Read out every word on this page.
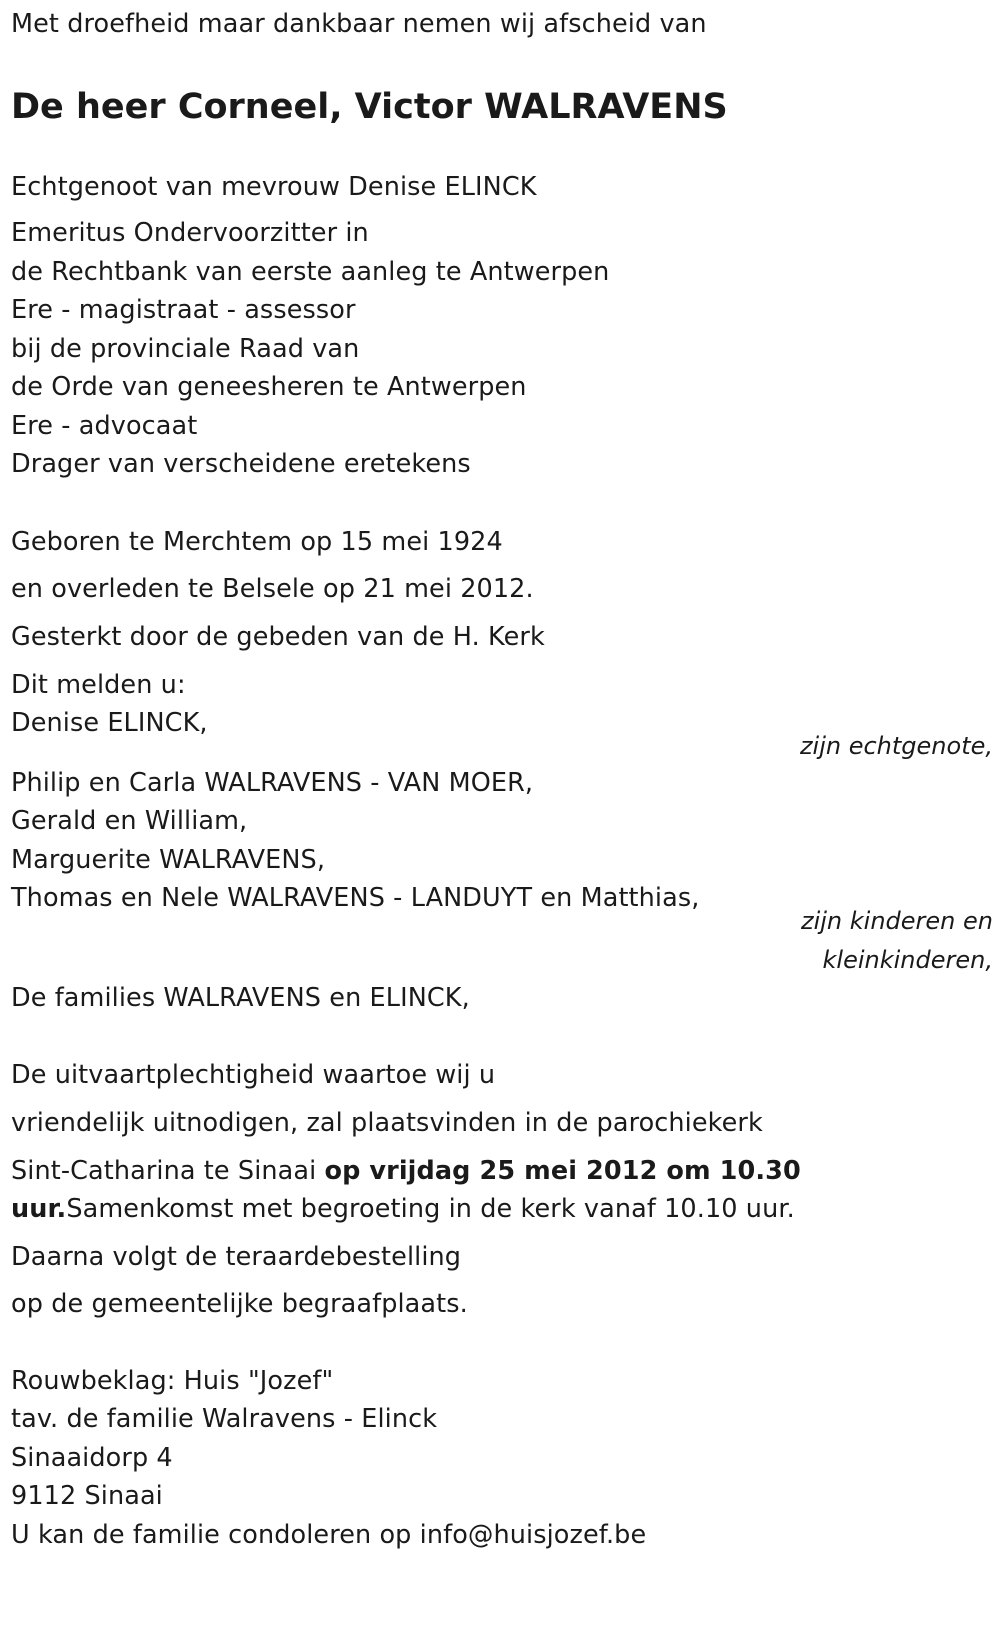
Met droefheid maar dankbaar nemen wij afscheid van
De heer Corneel, Victor WALRAVENS
Echtgenoot van mevrouw Denise ELINCK
Emeritus Ondervoorzitter in
de Rechtbank van eerste aanleg te Antwerpen
Ere - magistraat - assessor
bij de provinciale Raad van
de Orde van geneesheren te Antwerpen
Ere - advocaat
Drager van verscheidene eretekens
Geboren te Merchtem op 15 mei 1924
en overleden te Belsele op 21 mei 2012.
Gesterkt door de gebeden van de H. Kerk
Dit melden u:
Denise ELINCK,
zijn echtgenote,
Philip en Carla WALRAVENS - VAN MOER,
Gerald en William,
Marguerite WALRAVENS,
Thomas en Nele WALRAVENS - LANDUYT en Matthias,
zijn kinderen en
kleinkinderen,
De families WALRAVENS en ELINCK,
De uitvaartplechtigheid waartoe wij u
vriendelijk uitnodigen, zal plaatsvinden in de parochiekerk
Sint-Catharina te Sinaai op vrijdag 25 mei 2012 om 10.30
uur.Samenkomst met begroeting in de kerk vanaf 10.10 uur.
Daarna volgt de teraardebestelling
op de gemeentelijke begraafplaats.
Rouwbeklag: Huis "Jozef"
tav. de familie Walravens - Elinck
Sinaaidorp 4
9112 Sinaai
U kan de familie condoleren op info@huisjozef.be
